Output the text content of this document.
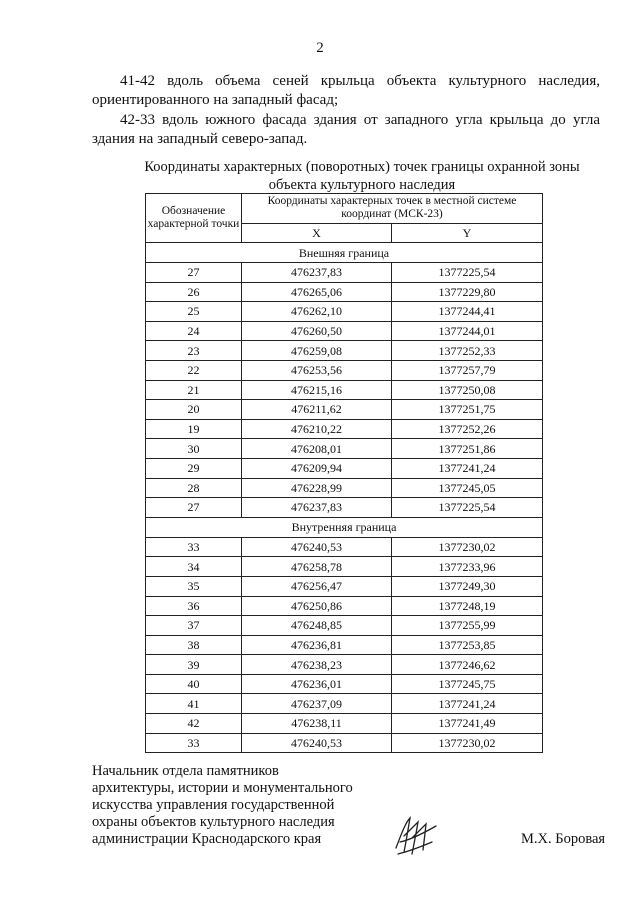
2
41-42 вдоль объема сеней крыльца объекта культурного наследия, ориентированного на западный фасад;
42-33 вдоль южного фасада здания от западного угла крыльца до угла здания на западный северо-запад.
Координаты характерных (поворотных) точек границы охранной зоны
объекта культурного наследия
Обозначение характерной точки	Координаты характерных точек в местной системе координат (МСК-23)	
	X	Y
Внешняя граница		
27	476237,83	1377225,54
26	476265,06	1377229,80
25	476262,10	1377244,41
24	476260,50	1377244,01
23	476259,08	1377252,33
22	476253,56	1377257,79
21	476215,16	1377250,08
20	476211,62	1377251,75
19	476210,22	1377252,26
30	476208,01	1377251,86
29	476209,94	1377241,24
28	476228,99	1377245,05
27	476237,83	1377225,54
Внутренняя граница		
33	476240,53	1377230,02
34	476258,78	1377233,96
35	476256,47	1377249,30
36	476250,86	1377248,19
37	476248,85	1377255,99
38	476236,81	1377253,85
39	476238,23	1377246,62
40	476236,01	1377245,75
41	476237,09	1377241,24
42	476238,11	1377241,49
33	476240,53	1377230,02
Начальник отдела памятников
архитектуры, истории и монументального
искусства управления государственной
охраны объектов культурного наследия
администрации Краснодарского края	М.Х. Боровая
